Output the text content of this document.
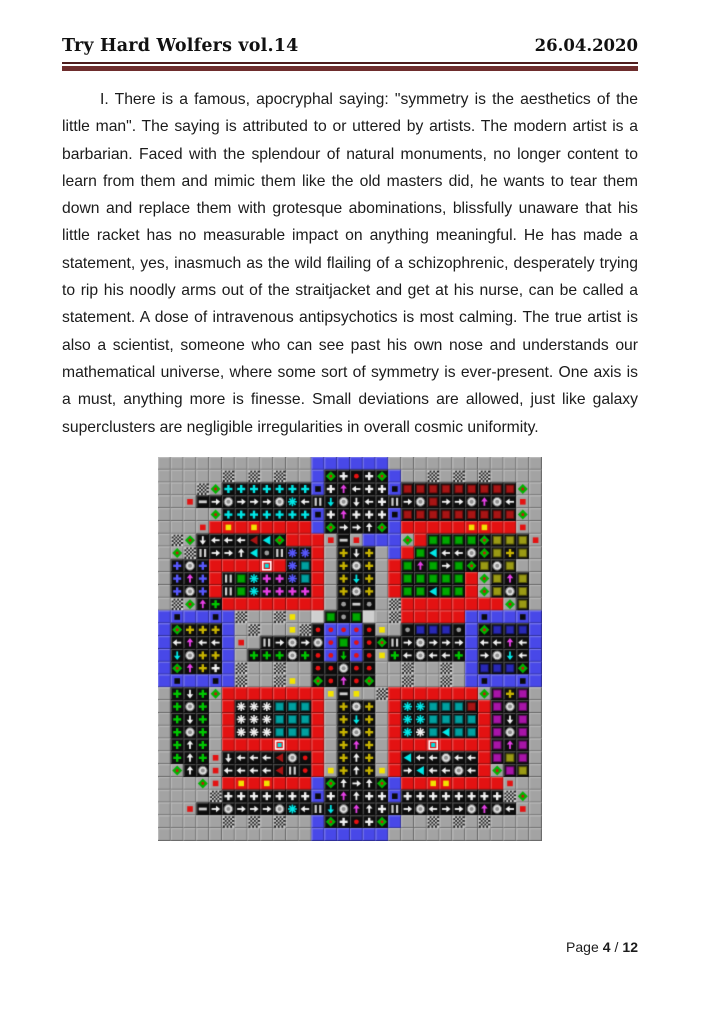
Try Hard Wolfers vol.14	26.04.2020

I. There is a famous, apocryphal saying: "symmetry is the aesthetics of the little man". The saying is attributed to or uttered by artists. The modern artist is a barbarian. Faced with the splendour of natural monuments, no longer content to learn from them and mimic them like the old masters did, he wants to tear them down and replace them with grotesque abominations, blissfully unaware that his little racket has no measurable impact on anything meaningful. He has made a statement, yes, inasmuch as the wild flailing of a schizophrenic, desperately trying to rip his noodly arms out of the straitjacket and get at his nurse, can be called a statement. A dose of intravenous antipsychotics is most calming. The true artist is also a scientist, someone who can see past his own nose and understands our mathematical universe, where some sort of symmetry is ever-present. One axis is a must, anything more is finesse. Small deviations are allowed, just like galaxy superclusters are negligible irregularities in overall cosmic uniformity.

Page 4 / 12
